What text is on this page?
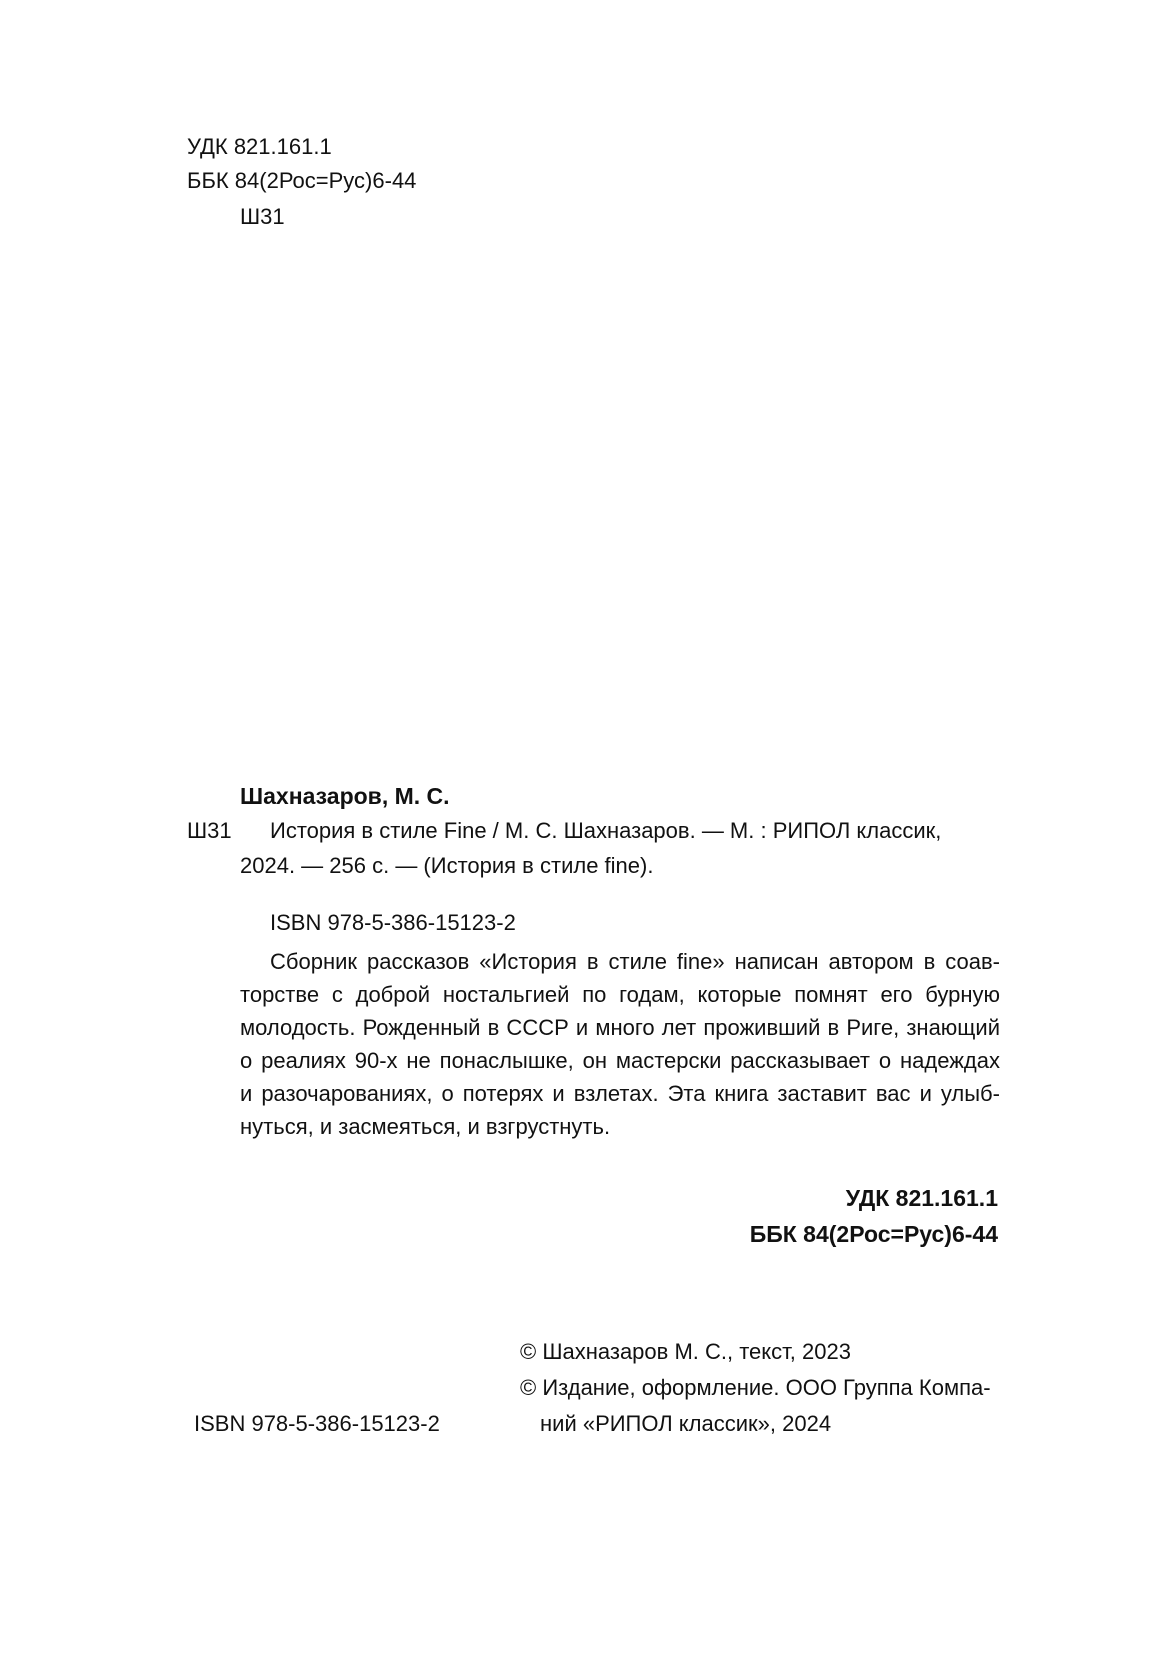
УДК 821.161.1
ББК 84(2Рос=Рус)6-44
Ш31
Шахназаров, М. С.
Ш31 История в стиле Fine / М. С. Шахназаров. — М. : РИПОЛ классик,
2024. — 256 с. — (История в стиле fine).
ISBN 978-5-386-15123-2
Сборник рассказов «История в стиле fine» написан автором в соав-
торстве с доброй ностальгией по годам, которые помнят его бурную
молодость. Рожденный в СССР и много лет проживший в Риге, знающий
о реалиях 90-х не понаслышке, он мастерски рассказывает о надеждах
и разочарованиях, о потерях и взлетах. Эта книга заставит вас и улыб-
нуться, и засмеяться, и взгрустнуть.
УДК 821.161.1
ББК 84(2Рос=Рус)6-44
© Шахназаров М. С., текст, 2023
© Издание, оформление. ООО Группа Компа-
ний «РИПОЛ классик», 2024
ISBN 978-5-386-15123-2
